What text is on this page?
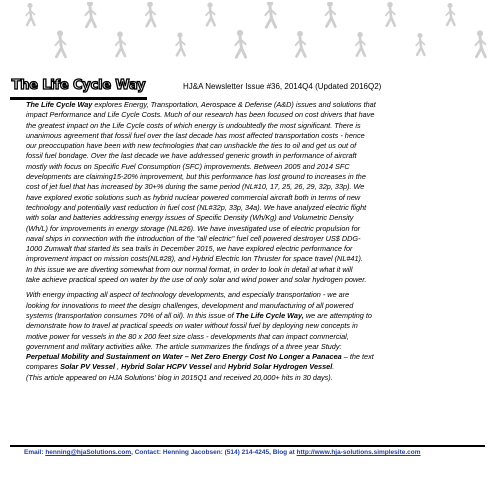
The Life Cycle Way	HJ&A Newsletter Issue #36, 2014Q4 (Updated 2016Q2)

The Life Cycle Way explores Energy, Transportation, Aerospace & Defense (A&D) issues and solutions that
impact Performance and Life Cycle Costs. Much of our research has been focused on cost drivers that have
the greatest impact on the Life Cycle costs of which energy is undoubtedly the most significant. There is
unanimous agreement that fossil fuel over the last decade has most affected transportation costs - hence
our preoccupation have been with new technologies that can unshackle the ties to oil and get us out of
fossil fuel bondage. Over the last decade we have addressed generic growth in performance of aircraft
mostly with focus on Specific Fuel Consumption (SFC) improvements. Between 2005 and 2014 SFC
developments are claiming15-20% improvement, but this performance has lost ground to increases in the
cost of jet fuel that has increased by 30+% during the same period (NL#10, 17, 25, 26, 29, 32p, 33p). We
have explored exotic solutions such as hybrid nuclear powered commercial aircraft both in terms of new
technology and potentially vast reduction in fuel cost (NL#32p, 33p, 34a). We have analyzed electric flight
with solar and batteries addressing energy issues of Specific Density (Wh/Kg) and Volumetric Density
(Wh/L) for improvements in energy storage (NL#26). We have investigated use of electric propulsion for
naval ships in connection with the introduction of the "all electric" fuel cell powered destroyer US$ DDG-
1000 Zumwalt that started its sea trails in December 2015, we have explored electric performance for
improvement impact on mission costs(NL#28), and Hybrid Electric Ion Thruster for space travel (NL#41).
In this issue we are diverting somewhat from our normal format, in order to look in detail at what it will
take achieve practical speed on water by the use of only solar and wind power and solar hydrogen power.

With energy impacting all aspect of technology developments, and especially transportation - we are
looking for innovations to meet the design challenges, development and manufacturing of all powered
systems (transportation consumes 70% of all oil). In this issue of The Life Cycle Way, we are attempting to
demonstrate how to travel at practical speeds on water without fossil fuel by deploying new concepts in
motive power for vessels in the 80 x 200 feet size class - developments that can impact commercial,
government and military activities alike. The article summarizes the findings of a three year Study:
Perpetual Mobility and Sustainment on Water – Net Zero Energy Cost No Longer a Panacea – the text
compares Solar PV Vessel , Hybrid Solar HCPV Vessel and Hybrid Solar Hydrogen Vessel.
(This article appeared on HJA Solutions' blog in 2015Q1 and received 20,000+ hits in 30 days).

Email: henning@hjaSolutions.com, Contact: Henning Jacobsen: (514) 214-4245, Blog at http://www.hja-solutions.simplesite.com
